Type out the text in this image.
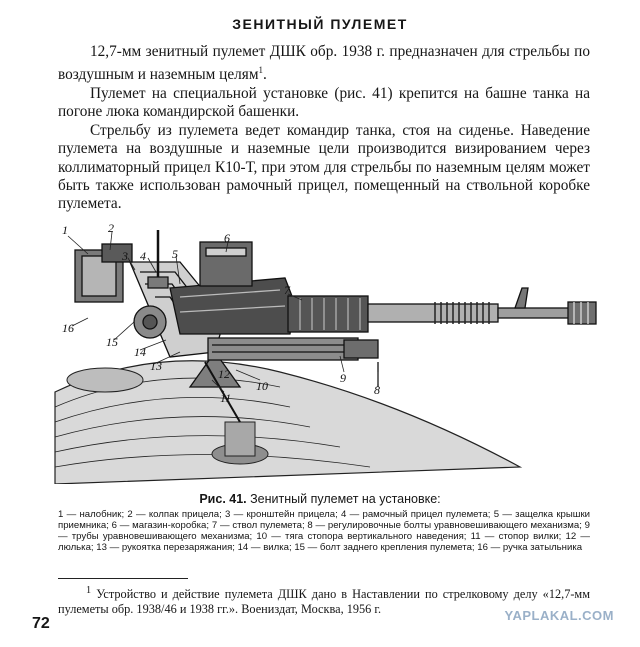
ЗЕНИТНЫЙ ПУЛЕМЕТ

12,7-мм зенитный пулемет ДШК обр. 1938 г. предназначен для стрельбы по воздушным и наземным целям$^1$.

Пулемет на специальной установке (рис. 41) крепится на башне танка на погоне люка командирской башенки.

Стрельбу из пулемета ведет командир танка, стоя на сиденье. Наведение пулемета на воздушные и наземные цели производится визированием через коллиматорный прицел К10-Т, при этом для стрельбы по наземным целям может быть также использован рамочный прицел, помещенный на ствольной коробке пулемета.

1	2
3 4 5
6
7
8
9
10
11
12
13
14
15
16
Рис. 41. Зенитный пулемет на установке:
1 — налобник; 2 — колпак прицела; 3 — кронштейн прицела; 4 — рамочный прицел пулемета; 5 — защелка крышки приемника; 6 — магазин-коробка; 7 — ствол пулемета; 8 — регулировочные болты уравновешивающего механизма; 9 — трубы уравновешивающего механизма; 10 — тяга стопора вертикального наведения; 11 — стопор вилки; 12 — люлька; 13 — рукоятка перезаряжания; 14 — вилка; 15 — болт заднего крепления пулемета; 16 — ручка затыльника
$^1$ Устройство и действие пулемета ДШК дано в Наставлении по стрелковому делу «12,7-мм пулеметы обр. 1938/46 и 1938 гг.». Воениздат, Москва, 1956 г.
72	YAPLAKAL.COM
